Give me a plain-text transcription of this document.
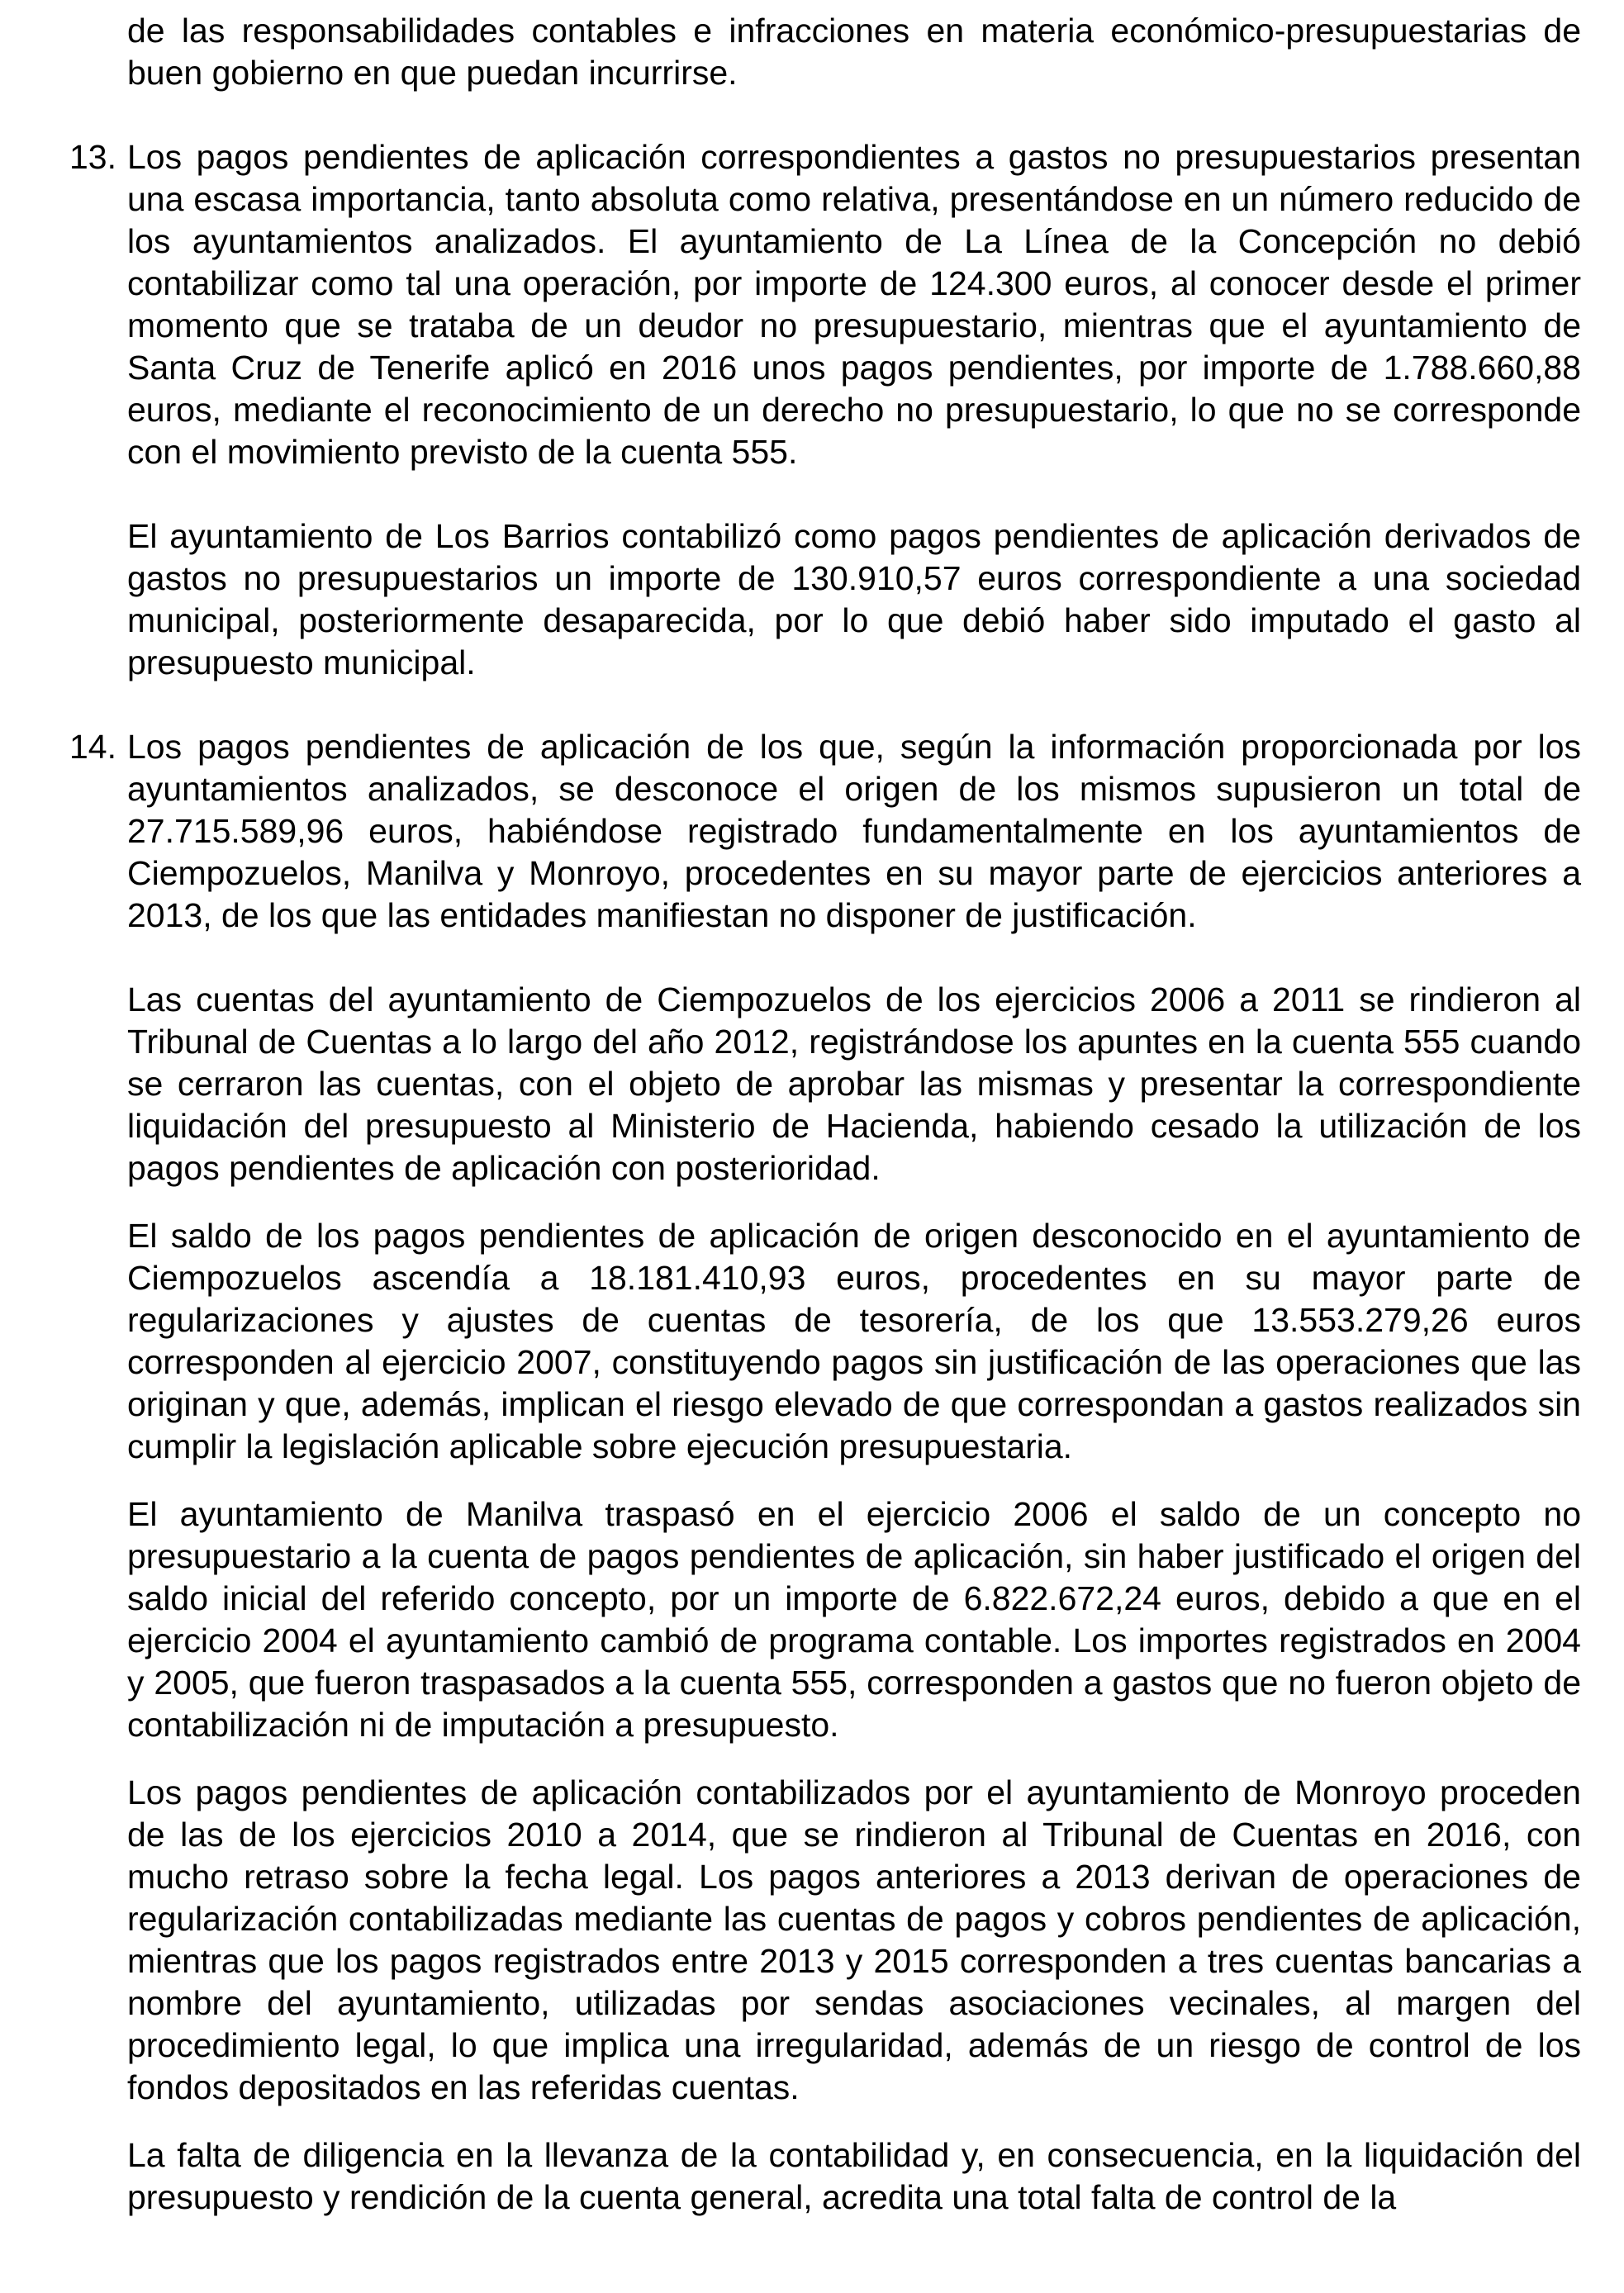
de las responsabilidades contables e infracciones en materia económico-presupuestarias de buen gobierno en que puedan incurrirse.

13. Los pagos pendientes de aplicación correspondientes a gastos no presupuestarios presentan una escasa importancia, tanto absoluta como relativa, presentándose en un número reducido de los ayuntamientos analizados. El ayuntamiento de La Línea de la Concepción no debió contabilizar como tal una operación, por importe de 124.300 euros, al conocer desde el primer momento que se trataba de un deudor no presupuestario, mientras que el ayuntamiento de Santa Cruz de Tenerife aplicó en 2016 unos pagos pendientes, por importe de 1.788.660,88 euros, mediante el reconocimiento de un derecho no presupuestario, lo que no se corresponde con el movimiento previsto de la cuenta 555.

El ayuntamiento de Los Barrios contabilizó como pagos pendientes de aplicación derivados de gastos no presupuestarios un importe de 130.910,57 euros correspondiente a una sociedad municipal, posteriormente desaparecida, por lo que debió haber sido imputado el gasto al presupuesto municipal.

14. Los pagos pendientes de aplicación de los que, según la información proporcionada por los ayuntamientos analizados, se desconoce el origen de los mismos supusieron un total de 27.715.589,96 euros, habiéndose registrado fundamentalmente en los ayuntamientos de Ciempozuelos, Manilva y Monroyo, procedentes en su mayor parte de ejercicios anteriores a 2013, de los que las entidades manifiestan no disponer de justificación.

Las cuentas del ayuntamiento de Ciempozuelos de los ejercicios 2006 a 2011 se rindieron al Tribunal de Cuentas a lo largo del año 2012, registrándose los apuntes en la cuenta 555 cuando se cerraron las cuentas, con el objeto de aprobar las mismas y presentar la correspondiente liquidación del presupuesto al Ministerio de Hacienda, habiendo cesado la utilización de los pagos pendientes de aplicación con posterioridad.

El saldo de los pagos pendientes de aplicación de origen desconocido en el ayuntamiento de Ciempozuelos ascendía a 18.181.410,93 euros, procedentes en su mayor parte de regularizaciones y ajustes de cuentas de tesorería, de los que 13.553.279,26 euros corresponden al ejercicio 2007, constituyendo pagos sin justificación de las operaciones que las originan y que, además, implican el riesgo elevado de que correspondan a gastos realizados sin cumplir la legislación aplicable sobre ejecución presupuestaria.

El ayuntamiento de Manilva traspasó en el ejercicio 2006 el saldo de un concepto no presupuestario a la cuenta de pagos pendientes de aplicación, sin haber justificado el origen del saldo inicial del referido concepto, por un importe de 6.822.672,24 euros, debido a que en el ejercicio 2004 el ayuntamiento cambió de programa contable. Los importes registrados en 2004 y 2005, que fueron traspasados a la cuenta 555, corresponden a gastos que no fueron objeto de contabilización ni de imputación a presupuesto.

Los pagos pendientes de aplicación contabilizados por el ayuntamiento de Monroyo proceden de las de los ejercicios 2010 a 2014, que se rindieron al Tribunal de Cuentas en 2016, con mucho retraso sobre la fecha legal. Los pagos anteriores a 2013 derivan de operaciones de regularización contabilizadas mediante las cuentas de pagos y cobros pendientes de aplicación, mientras que los pagos registrados entre 2013 y 2015 corresponden a tres cuentas bancarias a nombre del ayuntamiento, utilizadas por sendas asociaciones vecinales, al margen del procedimiento legal, lo que implica una irregularidad, además de un riesgo de control de los fondos depositados en las referidas cuentas.

La falta de diligencia en la llevanza de la contabilidad y, en consecuencia, en la liquidación del presupuesto y rendición de la cuenta general, acredita una total falta de control de la
